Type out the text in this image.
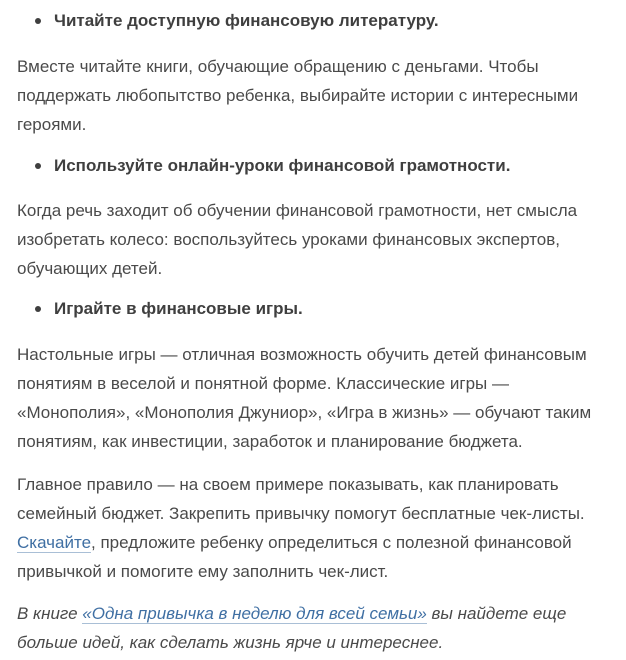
Читайте доступную финансовую литературу.

Вместе читайте книги, обучающие обращению с деньгами. Чтобы
поддержать любопытство ребенка, выбирайте истории с интересными
героями.

Используйте онлайн-уроки финансовой грамотности.

Когда речь заходит об обучении финансовой грамотности, нет смысла
изобретать колесо: воспользуйтесь уроками финансовых экспертов,
обучающих детей.

Играйте в финансовые игры.

Настольные игры — отличная возможность обучить детей финансовым
понятиям в веселой и понятной форме. Классические игры —
«Монополия», «Монополия Джуниор», «Игра в жизнь» — обучают таким
понятиям, как инвестиции, заработок и планирование бюджета.

Главное правило — на своем примере показывать, как планировать
семейный бюджет. Закрепить привычку помогут бесплатные чек-листы.
Скачайте, предложите ребенку определиться с полезной финансовой
привычкой и помогите ему заполнить чек-лист.

В книге «Одна привычка в неделю для всей семьи» вы найдете еще
больше идей, как сделать жизнь ярче и интереснее.
